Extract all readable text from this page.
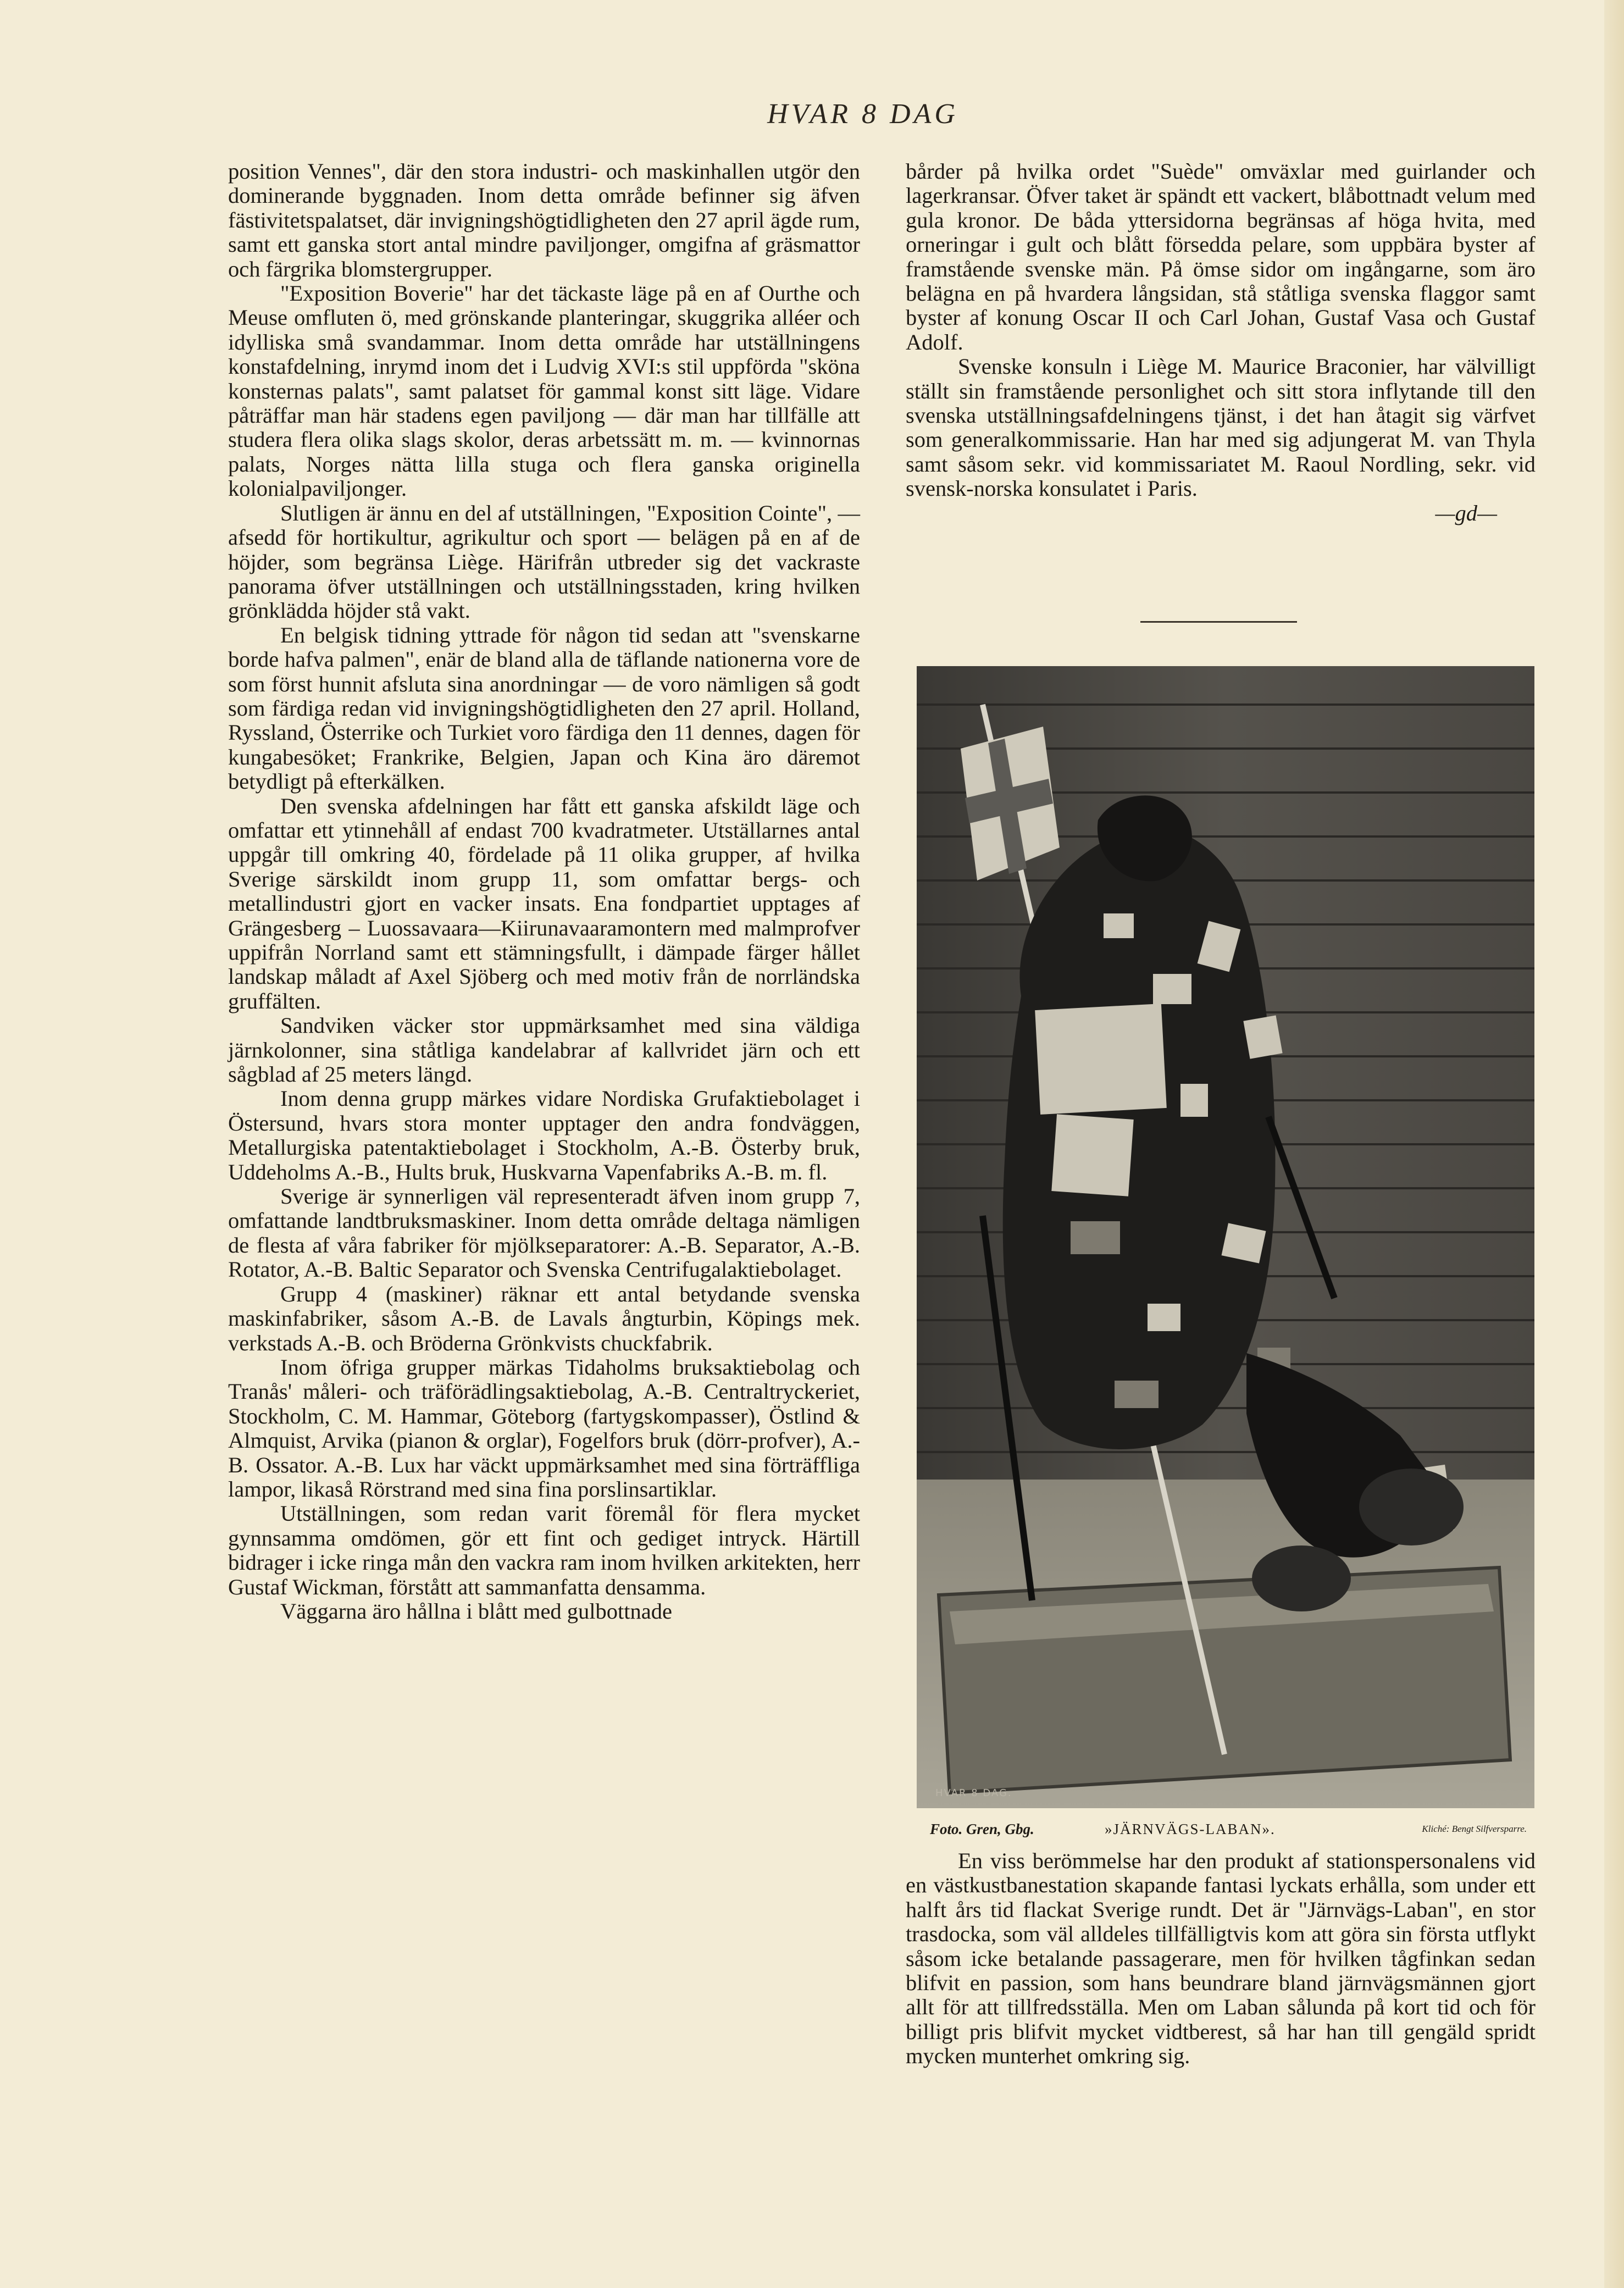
HVAR 8 DAG

position Vennes", där den stora industri- och maskinhallen utgör den dominerande byggnaden. Inom detta område befinner sig äfven fästivitetspalatset, där invigningshögtidligheten den 27 april ägde rum, samt ett ganska stort antal mindre paviljonger, omgifna af gräsmattor och färgrika blomstergrupper.

"Exposition Boverie" har det täckaste läge på en af Ourthe och Meuse omfluten ö, med grönskande planteringar, skuggrika alléer och idylliska små svandammar. Inom detta område har utställningens konstafdelning, inrymd inom det i Ludvig XVI:s stil uppförda "sköna konsternas palats", samt palatset för gammal konst sitt läge. Vidare påträffar man här stadens egen paviljong — där man har tillfälle att studera flera olika slags skolor, deras arbetssätt m. m. — kvinnornas palats, Norges nätta lilla stuga och flera ganska originella kolonialpaviljonger.

Slutligen är ännu en del af utställningen, "Exposition Cointe", — afsedd för hortikultur, agrikultur och sport — belägen på en af de höjder, som begränsa Liège. Härifrån utbreder sig det vackraste panorama öfver utställningen och utställningsstaden, kring hvilken grönklädda höjder stå vakt.

En belgisk tidning yttrade för någon tid sedan att "svenskarne borde hafva palmen", enär de bland alla de täflande nationerna vore de som först hunnit afsluta sina anordningar — de voro nämligen så godt som färdiga redan vid invigningshögtidligheten den 27 april. Holland, Ryssland, Österrike och Turkiet voro färdiga den 11 dennes, dagen för kungabesöket; Frankrike, Belgien, Japan och Kina äro däremot betydligt på efterkälken.

Den svenska afdelningen har fått ett ganska afskildt läge och omfattar ett ytinnehåll af endast 700 kvadratmeter. Utställarnes antal uppgår till omkring 40, fördelade på 11 olika grupper, af hvilka Sverige särskildt inom grupp 11, som omfattar bergs- och metallindustri gjort en vacker insats. Ena fondpartiet upptages af Grängesberg – Luossavaara—Kiirunavaaramontern med malmprofver uppifrån Norrland samt ett stämningsfullt, i dämpade färger hållet landskap måladt af Axel Sjöberg och med motiv från de norrländska gruffälten.

Sandviken väcker stor uppmärksamhet med sina väldiga järnkolonner, sina ståtliga kandelabrar af kallvridet järn och ett sågblad af 25 meters längd.

Inom denna grupp märkes vidare Nordiska Grufaktiebolaget i Östersund, hvars stora monter upptager den andra fondväggen, Metallurgiska patentaktiebolaget i Stockholm, A.-B. Österby bruk, Uddeholms A.-B., Hults bruk, Huskvarna Vapenfabriks A.-B. m. fl.

Sverige är synnerligen väl representeradt äfven inom grupp 7, omfattande landtbruksmaskiner. Inom detta område deltaga nämligen de flesta af våra fabriker för mjölkseparatorer: A.-B. Separator, A.-B. Rotator, A.-B. Baltic Separator och Svenska Centrifugalaktiebolaget.

Grupp 4 (maskiner) räknar ett antal betydande svenska maskinfabriker, såsom A.-B. de Lavals ångturbin, Köpings mek. verkstads A.-B. och Bröderna Grönkvists chuckfabrik.

Inom öfriga grupper märkas Tidaholms bruksaktiebolag och Tranås' måleri- och träförädlingsaktiebolag, A.-B. Centraltryckeriet, Stockholm, C. M. Hammar, Göteborg (fartygskompasser), Östlind & Almquist, Arvika (pianon & orglar), Fogelfors bruk (dörr-profver), A.-B. Ossator. A.-B. Lux har väckt uppmärksamhet med sina förträffliga lampor, likaså Rörstrand med sina fina porslinsartiklar.

Utställningen, som redan varit föremål för flera mycket gynnsamma omdömen, gör ett fint och gediget intryck. Härtill bidrager i icke ringa mån den vackra ram inom hvilken arkitekten, herr Gustaf Wickman, förstått att sammanfatta densamma.

Väggarna äro hållna i blått med gulbottnade

bårder på hvilka ordet "Suède" omväxlar med guirlander och lagerkransar. Öfver taket är spändt ett vackert, blåbottnadt velum med gula kronor. De båda yttersidorna begränsas af höga hvita, med orneringar i gult och blått försedda pelare, som uppbära byster af framstående svenske män. På ömse sidor om ingångarne, som äro belägna en på hvardera långsidan, stå ståtliga svenska flaggor samt byster af konung Oscar II och Carl Johan, Gustaf Vasa och Gustaf Adolf.

Svenske konsuln i Liège M. Maurice Braconier, har välvilligt ställt sin framstående personlighet och sitt stora inflytande till den svenska utställningsafdelningens tjänst, i det han åtagit sig värfvet som generalkommissarie. Han har med sig adjungerat M. van Thyla samt såsom sekr. vid kommissariatet M. Raoul Nordling, sekr. vid svensk-norska konsulatet i Paris.

—gd—
HVAR 8 DAG.
Foto. Gren, Gbg.	»JÄRNVÄGS-LABAN».	Kliché: Bengt Silfversparre.

En viss berömmelse har den produkt af stationspersonalens vid en västkustbanestation skapande fantasi lyckats erhålla, som under ett halft års tid flackat Sverige rundt. Det är "Järnvägs-Laban", en stor trasdocka, som väl alldeles tillfälligtvis kom att göra sin första utflykt såsom icke betalande passagerare, men för hvilken tågfinkan sedan blifvit en passion, som hans beundrare bland järnvägsmännen gjort allt för att tillfredsställa. Men om Laban sålunda på kort tid och för billigt pris blifvit mycket vidtberest, så har han till gengäld spridt mycken munterhet omkring sig.
